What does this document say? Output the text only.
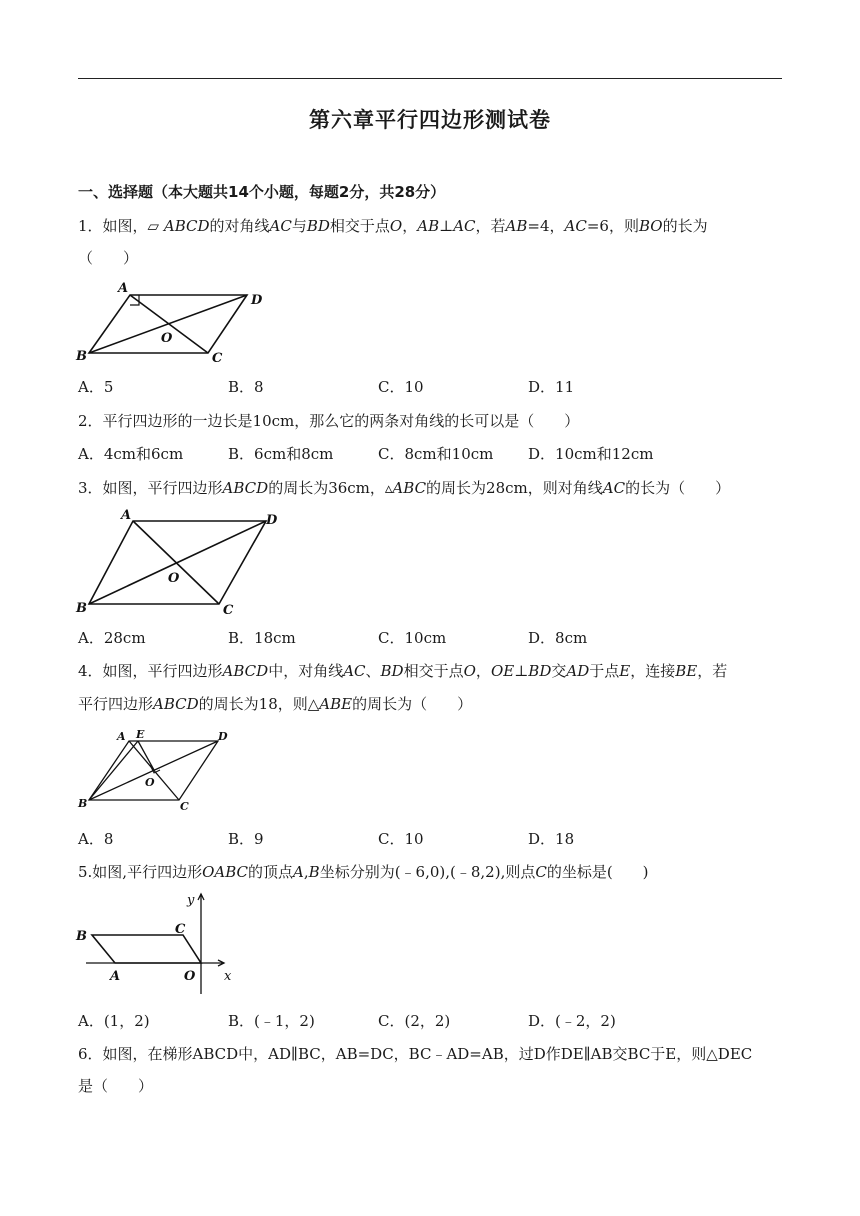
第六章平行四边形测试卷
一、选择题（本大题共14个小题，每题2分，共28分）
1．如图，▱ ABCD的对角线AC与BD相交于点O，AB⊥AC，若AB=4，AC=6，则BO的长为
（　　）
A
D
O
B	C
A．5	B．8	C．10	D．11
2．平行四边形的一边长是10cm，那么它的两条对角线的长可以是（　　）
A．4cm和6cm	B．6cm和8cm	C．8cm和10cm D．10cm和12cm
3．如图，平行四边形ABCD的周长为36cm，▵ABC的周长为28cm，则对角线AC的长为（　　）
A	D
O
B	C
A．28cm	B．18cm	C．10cm	D．8cm
4．如图，平行四边形ABCD中，对角线AC、BD相交于点O，OE⊥BD交AD于点E，连接BE，若
平行四边形ABCD的周长为18，则△ABE的周长为（　　）
A E	D
O
B	C
A．8	B．9	C．10	D．18
5.如图,平行四边形OABC的顶点A,B坐标分别为(﹣6,0),(﹣8,2),则点C的坐标是(　　)
B	C
A	O x
y
A．(1，2)	B．(﹣1，2)	C．(2，2)	D．(﹣2，2)
6．如图，在梯形ABCD中，AD∥BC，AB=DC，BC﹣AD=AB，过D作DE∥AB交BC于E，则△DEC
是（　　）
